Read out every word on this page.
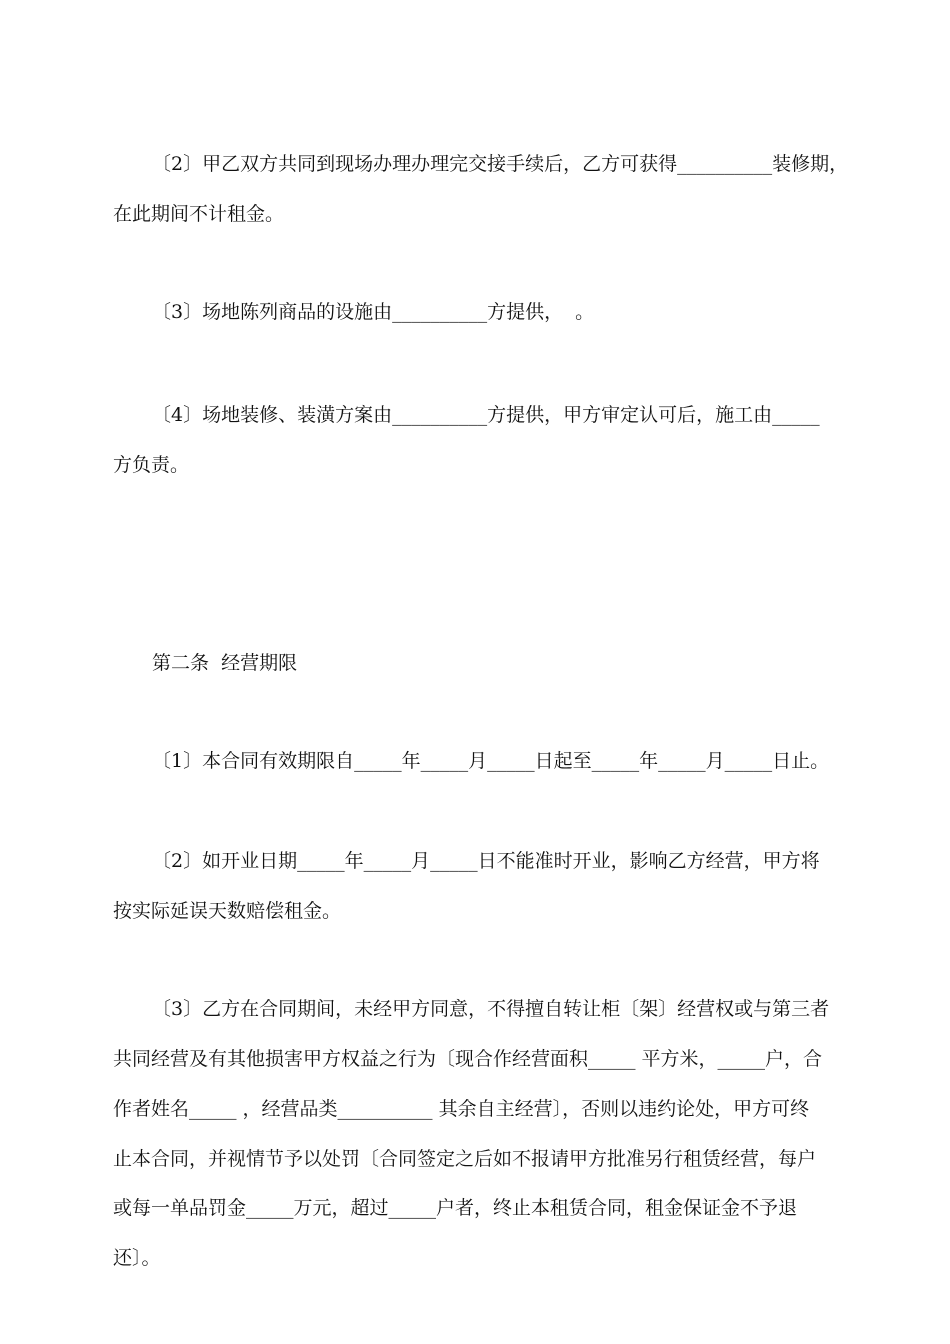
〔2〕甲乙双方共同到现场办理办理完交接手续后，乙方可获得__________装修期，
在此期间不计租金。
〔3〕场地陈列商品的设施由__________方提供，  。
〔4〕场地装修、装潢方案由__________方提供，甲方审定认可后，施工由_____
方负责。
第二条  经营期限
〔1〕本合同有效期限自_____年_____月_____日起至_____年_____月_____日止。
〔2〕如开业日期_____年_____月_____日不能准时开业，影响乙方经营，甲方将
按实际延误天数赔偿租金。
〔3〕乙方在合同期间，未经甲方同意，不得擅自转让柜〔架〕经营权或与第三者
共同经营及有其他损害甲方权益之行为〔现合作经营面积_____ 平方米，_____户，合
作者姓名_____ ，经营品类__________ 其余自主经营〕，否则以违约论处，甲方可终
止本合同，并视情节予以处罚〔合同签定之后如不报请甲方批准另行租赁经营，每户
或每一单品罚金_____万元，超过_____户者，终止本租赁合同，租金保证金不予退
还〕。
